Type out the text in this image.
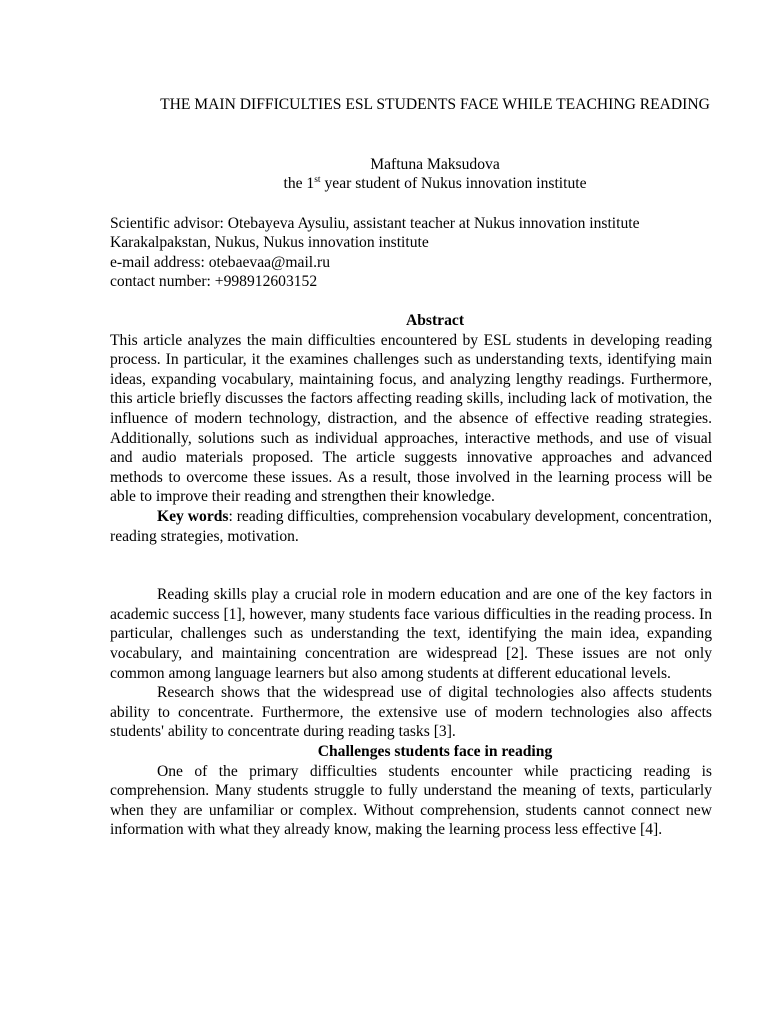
THE MAIN DIFFICULTIES ESL STUDENTS FACE WHILE TEACHING READING

Maftuna Maksudova

the 1st year student of Nukus innovation institute

Scientific advisor: Otebayeva Aysuliu, assistant teacher at Nukus innovation institute

Karakalpakstan, Nukus, Nukus innovation institute

e-mail address: otebaevaa@mail.ru

contact number: +998912603152

Abstract

This article analyzes the main difficulties encountered by ESL students in developing reading process. In particular, it the examines challenges such as understanding texts, identifying main ideas, expanding vocabulary, maintaining focus, and analyzing lengthy readings. Furthermore, this article briefly discusses the factors affecting reading skills, including lack of motivation, the influence of modern technology, distraction, and the absence of effective reading strategies. Additionally, solutions such as individual approaches, interactive methods, and use of visual and audio materials proposed. The article suggests innovative approaches and advanced methods to overcome these issues. As a result, those involved in the learning process will be able to improve their reading and strengthen their knowledge.

Key words: reading difficulties, comprehension vocabulary development, concentration, reading strategies, motivation.

Reading skills play a crucial role in modern education and are one of the key factors in academic success [1], however, many students face various difficulties in the reading process. In particular, challenges such as understanding the text, identifying the main idea, expanding vocabulary, and maintaining concentration are widespread [2]. These issues are not only common among language learners but also among students at different educational levels.

Research shows that the widespread use of digital technologies also affects students ability to concentrate. Furthermore, the extensive use of modern technologies also affects students' ability to concentrate during reading tasks [3].

Challenges students face in reading

One of the primary difficulties students encounter while practicing reading is comprehension. Many students struggle to fully understand the meaning of texts, particularly when they are unfamiliar or complex. Without comprehension, students cannot connect new information with what they already know, making the learning process less effective [4].
